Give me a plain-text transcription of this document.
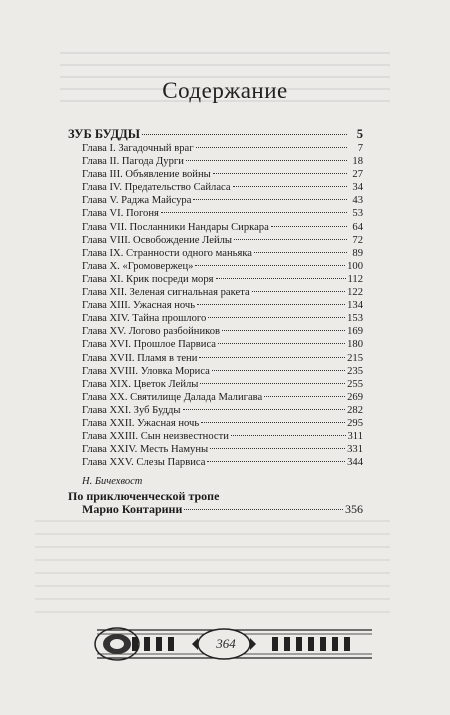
Содержание
ЗУБ БУДДЫ	5
Глава I. Загадочный враг	7
Глава II. Пагода Дурги	18
Глава III. Объявление войны	27
Глава IV. Предательство Сайласа	34
Глава V. Раджа Майсура	43
Глава VI. Погоня	53
Глава VII. Посланники Нандары Сиркара	64
Глава VIII. Освобождение Лейлы	72
Глава IX. Странности одного маньяка	89
Глава X. «Громовержец»	100
Глава XI. Крик посреди моря	112
Глава XII. Зеленая сигнальная ракета	122
Глава XIII. Ужасная ночь	134
Глава XIV. Тайна прошлого	153
Глава XV. Логово разбойников	169
Глава XVI. Прошлое Парвиса	180
Глава XVII. Пламя в тени	215
Глава XVIII. Уловка Мориса	235
Глава XIX. Цветок Лейлы	255
Глава XX. Святилище Далада Малигава	269
Глава XXI. Зуб Будды	282
Глава XXII. Ужасная ночь	295
Глава XXIII. Сын неизвестности	311
Глава XXIV. Месть Намуны	331
Глава XXV. Слезы Парвиса	344
Н. Бичехвост
По приключенческой тропе
Марио Контарини	356
364
